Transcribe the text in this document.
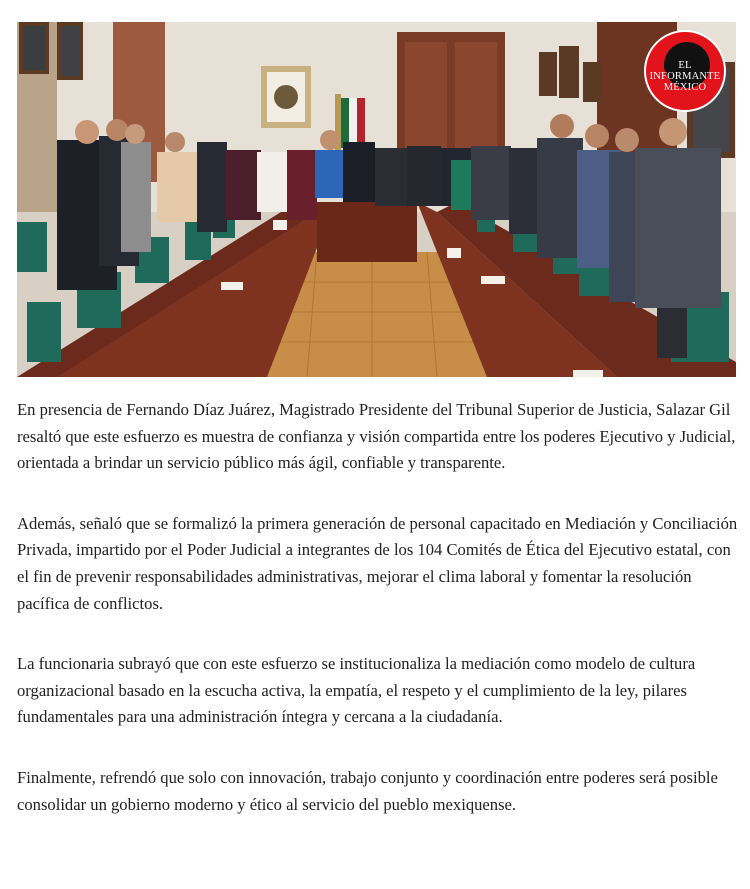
EL
INFORMANTE
MÉXICO

En presencia de Fernando Díaz Juárez, Magistrado Presidente del Tribunal Superior de Justicia, Salazar Gil resaltó que este esfuerzo es muestra de confianza y visión compartida entre los poderes Ejecutivo y Judicial, orientada a brindar un servicio público más ágil, confiable y transparente.

Además, señaló que se formalizó la primera generación de personal capacitado en Mediación y Conciliación Privada, impartido por el Poder Judicial a integrantes de los 104 Comités de Ética del Ejecutivo estatal, con el fin de prevenir responsabilidades administrativas, mejorar el clima laboral y fomentar la resolución pacífica de conflictos.

La funcionaria subrayó que con este esfuerzo se institucionaliza la mediación como modelo de cultura organizacional basado en la escucha activa, la empatía, el respeto y el cumplimiento de la ley, pilares fundamentales para una administración íntegra y cercana a la ciudadanía.

Finalmente, refrendó que solo con innovación, trabajo conjunto y coordinación entre poderes será posible consolidar un gobierno moderno y ético al servicio del pueblo mexiquense.
